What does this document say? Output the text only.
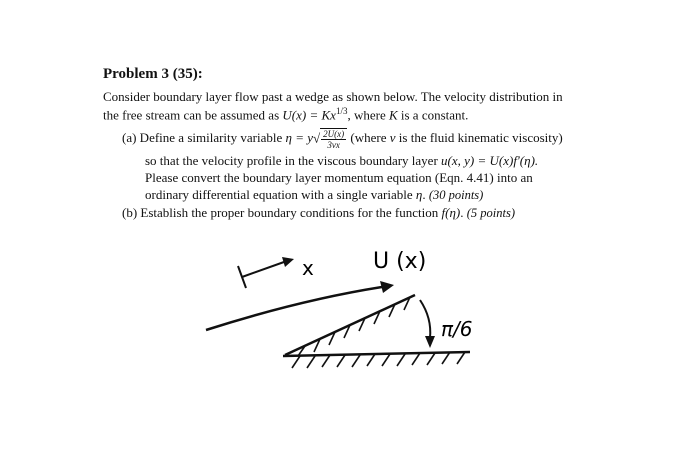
Problem 3 (35):
Consider boundary layer flow past a wedge as shown below. The velocity distribution in
the free stream can be assumed as $U(x) = Kx^{1/3}$, where K is a constant.
(a) Define a similarity variable $\eta = y√ \frac{2U(x)}{3\nu x}$ (where ν is the fluid kinematic viscosity)
so that the velocity profile in the viscous boundary layer u(x, y) = U(x)f′(η).
Please convert the boundary layer momentum equation (Eqn. 4.41) into an
ordinary differential equation with a single variable η. (30 points)
(b) Establish the proper boundary conditions for the function f(η). (5 points)
x	U (x)
π/6
